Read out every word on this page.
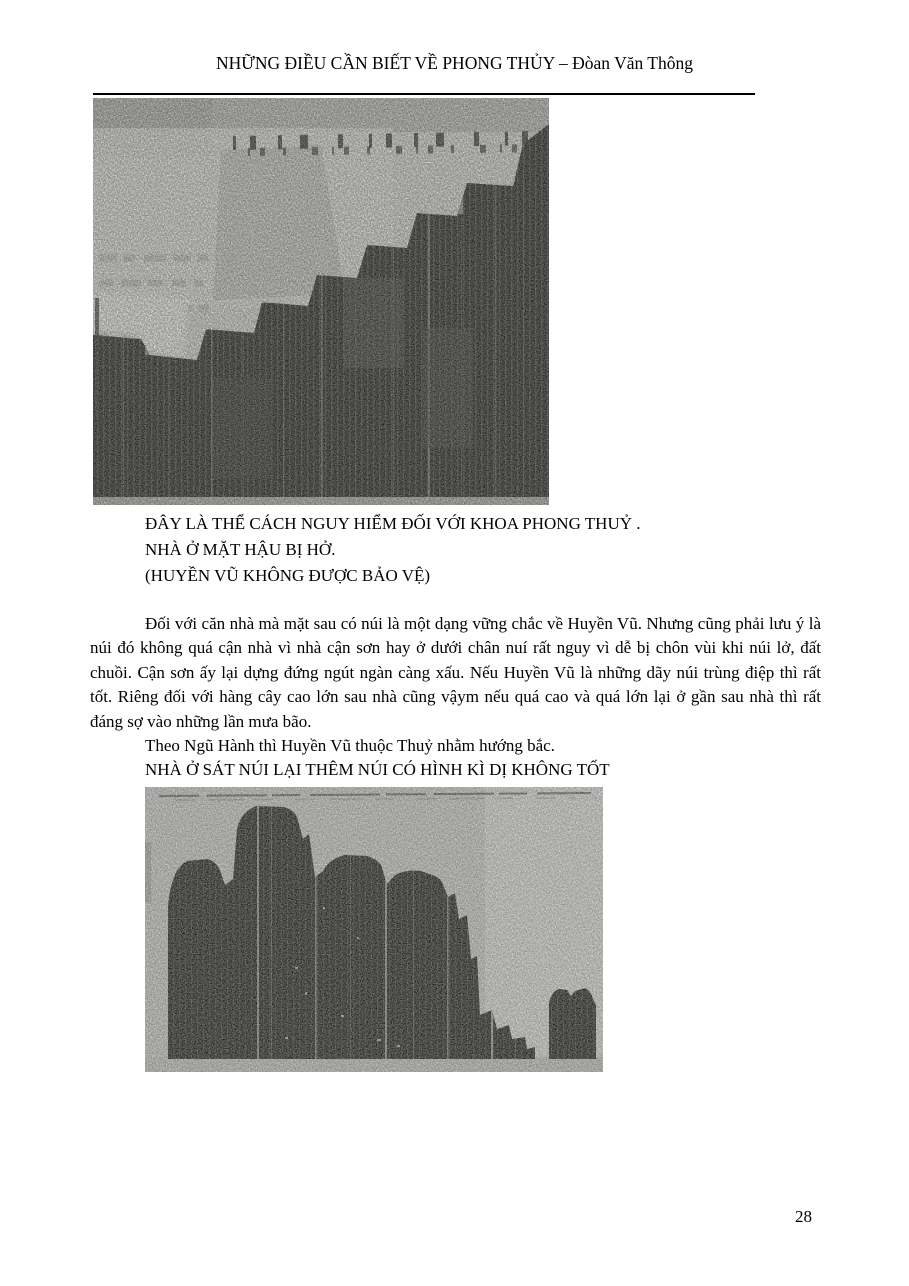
NHỮNG ĐIỀU CẦN BIẾT VỀ PHONG THỦY – Đòan Văn Thông
ĐÂY LÀ THỂ CÁCH NGUY HIỂM ĐỐI VỚI KHOA PHONG THUỶ .
NHÀ Ở MẶT HẬU BỊ HỞ.
(HUYỀN VŨ KHÔNG ĐƯỢC BẢO VỆ)

Đối với căn nhà mà mặt sau có núi là một dạng vững chắc về Huyền Vũ. Nhưng cũng phải lưu ý là núi đó không quá cận nhà vì nhà cận sơn hay ở dưới chân nuí rất nguy vì dễ bị chôn vùi khi núi lở, đất chuồi. Cận sơn ấy lại dựng đứng ngút ngàn càng xấu. Nếu Huyền Vũ là những dãy núi trùng điệp thì rất tốt. Riêng đối với hàng cây cao lớn sau nhà cũng vậym nếu quá cao và quá lớn lại ở gần sau nhà thì rất đáng sợ vào những lần mưa bão.

Theo Ngũ Hành thì Huyền Vũ thuộc Thuỷ nhằm hướng bắc.
NHÀ Ở SÁT NÚI LẠI THÊM NÚI CÓ HÌNH KÌ DỊ KHÔNG TỐT
28
